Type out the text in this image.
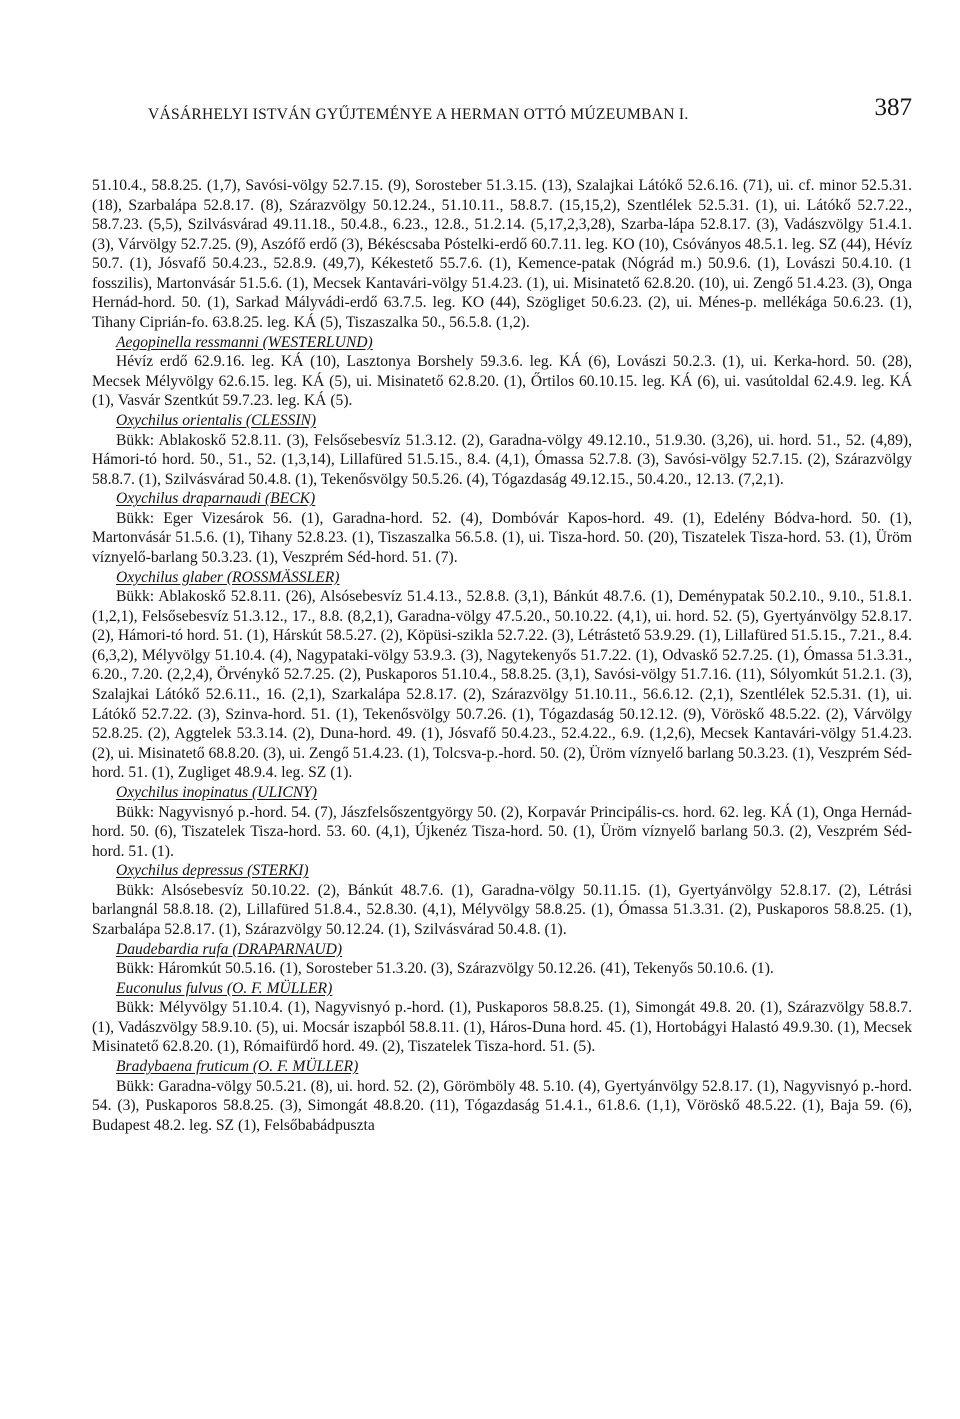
VÁSÁRHELYI ISTVÁN GYŰJTEMÉNYE A HERMAN OTTÓ MÚZEUMBAN I.	387

51.10.4., 58.8.25. (1,7), Savósi-völgy 52.7.15. (9), Sorosteber 51.3.15. (13), Szalajkai Látókő 52.6.16. (71), ui. cf. minor 52.5.31. (18), Szarbalápa 52.8.17. (8), Szárazvölgy 50.12.24., 51.10.11., 58.8.7. (15,15,2), Szentlélek 52.5.31. (1), ui. Látókő 52.7.22., 58.7.23. (5,5), Szilvásvárad 49.11.18., 50.4.8., 6.23., 12.8., 51.2.14. (5,17,2,3,28), Szarba-lápa 52.8.17. (3), Vadászvölgy 51.4.1. (3), Várvölgy 52.7.25. (9), Aszófő erdő (3), Békéscsaba Póstelki-erdő 60.7.11. leg. KO (10), Csóványos 48.5.1. leg. SZ (44), Hévíz 50.7. (1), Jósvafő 50.4.23., 52.8.9. (49,7), Kékestető 55.7.6. (1), Kemence-patak (Nógrád m.) 50.9.6. (1), Lovászi 50.4.10. (1 fosszilis), Martonvásár 51.5.6. (1), Mecsek Kantavári-völgy 51.4.23. (1), ui. Misinatető 62.8.20. (10), ui. Zengő 51.4.23. (3), Onga Hernád-hord. 50. (1), Sarkad Mályvádi-erdő 63.7.5. leg. KO (44), Szögliget 50.6.23. (2), ui. Ménes-p. mellékága 50.6.23. (1), Tihany Ciprián-fo. 63.8.25. leg. KÁ (5), Tiszaszalka 50., 56.5.8. (1,2).

Aegopinella ressmanni (WESTERLUND)

Hévíz erdő 62.9.16. leg. KÁ (10), Lasztonya Borshely 59.3.6. leg. KÁ (6), Lovászi 50.2.3. (1), ui. Kerka-hord. 50. (28), Mecsek Mélyvölgy 62.6.15. leg. KÁ (5), ui. Misinatető 62.8.20. (1), Őrtilos 60.10.15. leg. KÁ (6), ui. vasútoldal 62.4.9. leg. KÁ (1), Vasvár Szentkút 59.7.23. leg. KÁ (5).

Oxychilus orientalis (CLESSIN)

Bükk: Ablakoskő 52.8.11. (3), Felsősebesvíz 51.3.12. (2), Garadna-völgy 49.12.10., 51.9.30. (3,26), ui. hord. 51., 52. (4,89), Hámori-tó hord. 50., 51., 52. (1,3,14), Lillafüred 51.5.15., 8.4. (4,1), Ómassa 52.7.8. (3), Savósi-völgy 52.7.15. (2), Szárazvölgy 58.8.7. (1), Szilvásvárad 50.4.8. (1), Tekenősvölgy 50.5.26. (4), Tógazdaság 49.12.15., 50.4.20., 12.13. (7,2,1).

Oxychilus draparnaudi (BECK)

Bükk: Eger Vizesárok 56. (1), Garadna-hord. 52. (4), Dombóvár Kapos-hord. 49. (1), Edelény Bódva-hord. 50. (1), Martonvásár 51.5.6. (1), Tihany 52.8.23. (1), Tiszaszalka 56.5.8. (1), ui. Tisza-hord. 50. (20), Tiszatelek Tisza-hord. 53. (1), Üröm víznyelő-barlang 50.3.23. (1), Veszprém Séd-hord. 51. (7).

Oxychilus glaber (ROSSMÄSSLER)

Bükk: Ablakoskő 52.8.11. (26), Alsósebesvíz 51.4.13., 52.8.8. (3,1), Bánkút 48.7.6. (1), Deménypatak 50.2.10., 9.10., 51.8.1. (1,2,1), Felsősebesvíz 51.3.12., 17., 8.8. (8,2,1), Garadna-völgy 47.5.20., 50.10.22. (4,1), ui. hord. 52. (5), Gyertyánvölgy 52.8.17. (2), Hámori-tó hord. 51. (1), Hárskút 58.5.27. (2), Köpüsi-szikla 52.7.22. (3), Létrástető 53.9.29. (1), Lillafüred 51.5.15., 7.21., 8.4. (6,3,2), Mélyvölgy 51.10.4. (4), Nagypataki-völgy 53.9.3. (3), Nagytekenyős 51.7.22. (1), Odvaskő 52.7.25. (1), Ómassa 51.3.31., 6.20., 7.20. (2,2,4), Örvénykő 52.7.25. (2), Puskaporos 51.10.4., 58.8.25. (3,1), Savósi-völgy 51.7.16. (11), Sólyomkút 51.2.1. (3), Szalajkai Látókő 52.6.11., 16. (2,1), Szarkalápa 52.8.17. (2), Szárazvölgy 51.10.11., 56.6.12. (2,1), Szentlélek 52.5.31. (1), ui. Látókő 52.7.22. (3), Szinva-hord. 51. (1), Tekenősvölgy 50.7.26. (1), Tógazdaság 50.12.12. (9), Vöröskő 48.5.22. (2), Várvölgy 52.8.25. (2), Aggtelek 53.3.14. (2), Duna-hord. 49. (1), Jósvafő 50.4.23., 52.4.22., 6.9. (1,2,6), Mecsek Kantavári-völgy 51.4.23. (2), ui. Misinatető 68.8.20. (3), ui. Zengő 51.4.23. (1), Tolcsva-p.-hord. 50. (2), Üröm víznyelő barlang 50.3.23. (1), Veszprém Séd-hord. 51. (1), Zugliget 48.9.4. leg. SZ (1).

Oxychilus inopinatus (ULICNY)

Bükk: Nagyvisnyó p.-hord. 54. (7), Jászfelsőszentgyörgy 50. (2), Korpavár Principális-cs. hord. 62. leg. KÁ (1), Onga Hernád-hord. 50. (6), Tiszatelek Tisza-hord. 53. 60. (4,1), Újkenéz Tisza-hord. 50. (1), Üröm víznyelő barlang 50.3. (2), Veszprém Séd-hord. 51. (1).

Oxychilus depressus (STERKI)

Bükk: Alsósebesvíz 50.10.22. (2), Bánkút 48.7.6. (1), Garadna-völgy 50.11.15. (1), Gyertyánvölgy 52.8.17. (2), Létrási barlangnál 58.8.18. (2), Lillafüred 51.8.4., 52.8.30. (4,1), Mélyvölgy 58.8.25. (1), Ómassa 51.3.31. (2), Puskaporos 58.8.25. (1), Szarbalápa 52.8.17. (1), Szárazvölgy 50.12.24. (1), Szilvásvárad 50.4.8. (1).

Daudebardia rufa (DRAPARNAUD)

Bükk: Háromkút 50.5.16. (1), Sorosteber 51.3.20. (3), Szárazvölgy 50.12.26. (41), Tekenyős 50.10.6. (1).

Euconulus fulvus (O. F. MÜLLER)

Bükk: Mélyvölgy 51.10.4. (1), Nagyvisnyó p.-hord. (1), Puskaporos 58.8.25. (1), Simongát 49.8. 20. (1), Szárazvölgy 58.8.7. (1), Vadászvölgy 58.9.10. (5), ui. Mocsár iszapból 58.8.11. (1), Háros-Duna hord. 45. (1), Hortobágyi Halastó 49.9.30. (1), Mecsek Misinatető 62.8.20. (1), Rómaifürdő hord. 49. (2), Tiszatelek Tisza-hord. 51. (5).

Bradybaena fruticum (O. F. MÜLLER)

Bükk: Garadna-völgy 50.5.21. (8), ui. hord. 52. (2), Görömböly 48. 5.10. (4), Gyertyánvölgy 52.8.17. (1), Nagyvisnyó p.-hord. 54. (3), Puskaporos 58.8.25. (3), Simongát 48.8.20. (11), Tógazdaság 51.4.1., 61.8.6. (1,1), Vöröskő 48.5.22. (1), Baja 59. (6), Budapest 48.2. leg. SZ (1), Felsőbabádpuszta
